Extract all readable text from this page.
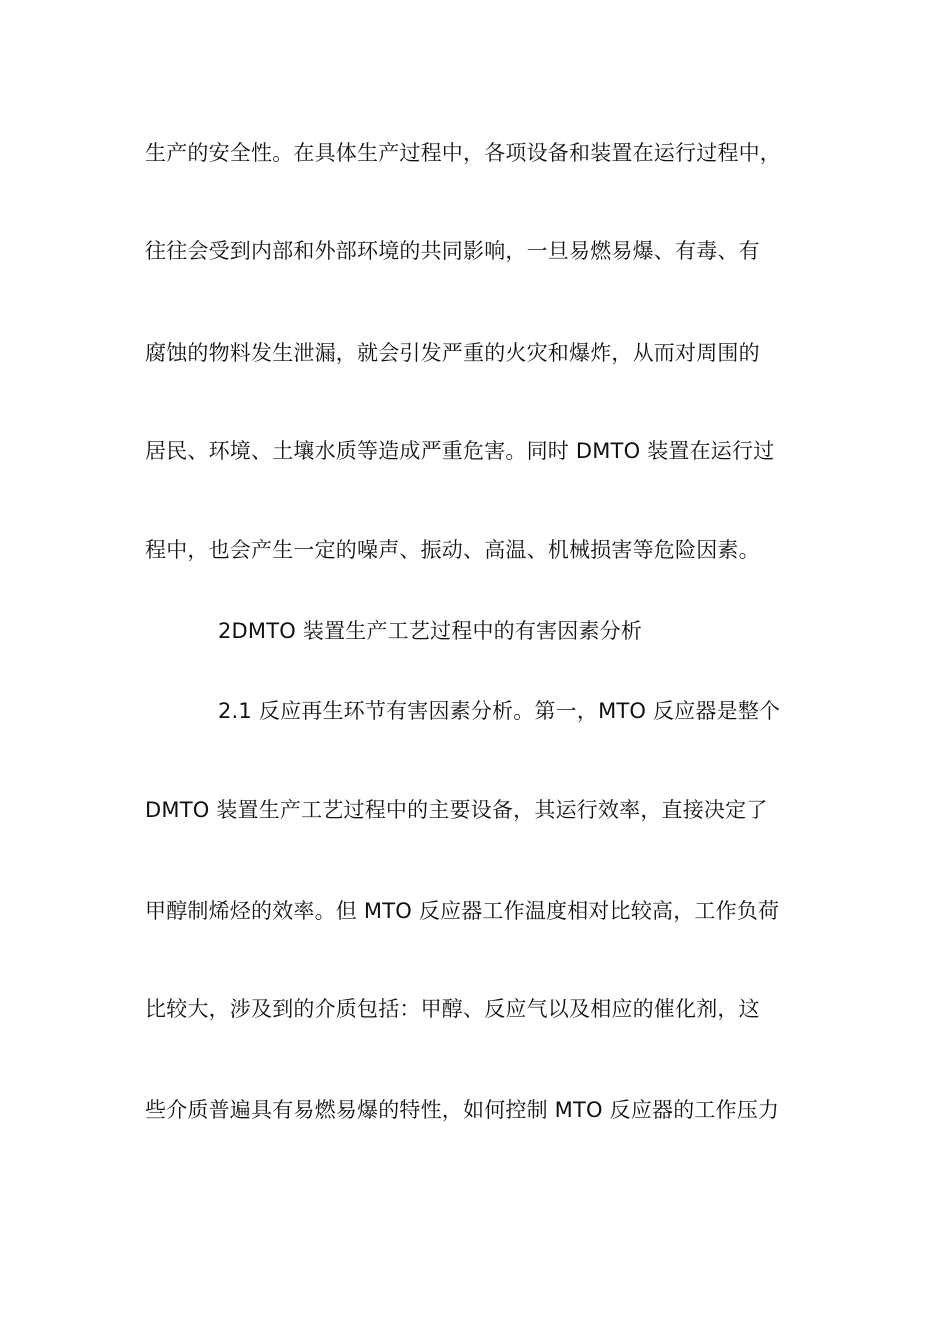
生产的安全性。在具体生产过程中，各项设备和装置在运行过程中，
往往会受到内部和外部环境的共同影响，一旦易燃易爆、有毒、有
腐蚀的物料发生泄漏，就会引发严重的火灾和爆炸，从而对周围的
居民、环境、土壤水质等造成严重危害。同时 DMTO 装置在运行过
程中，也会产生一定的噪声、振动、高温、机械损害等危险因素。
2DMTO 装置生产工艺过程中的有害因素分析
2.1 反应再生环节有害因素分析。第一，MTO 反应器是整个
DMTO 装置生产工艺过程中的主要设备，其运行效率，直接决定了
甲醇制烯烃的效率。但 MTO 反应器工作温度相对比较高，工作负荷
比较大，涉及到的介质包括：甲醇、反应气以及相应的催化剂，这
些介质普遍具有易燃易爆的特性，如何控制 MTO 反应器的工作压力
